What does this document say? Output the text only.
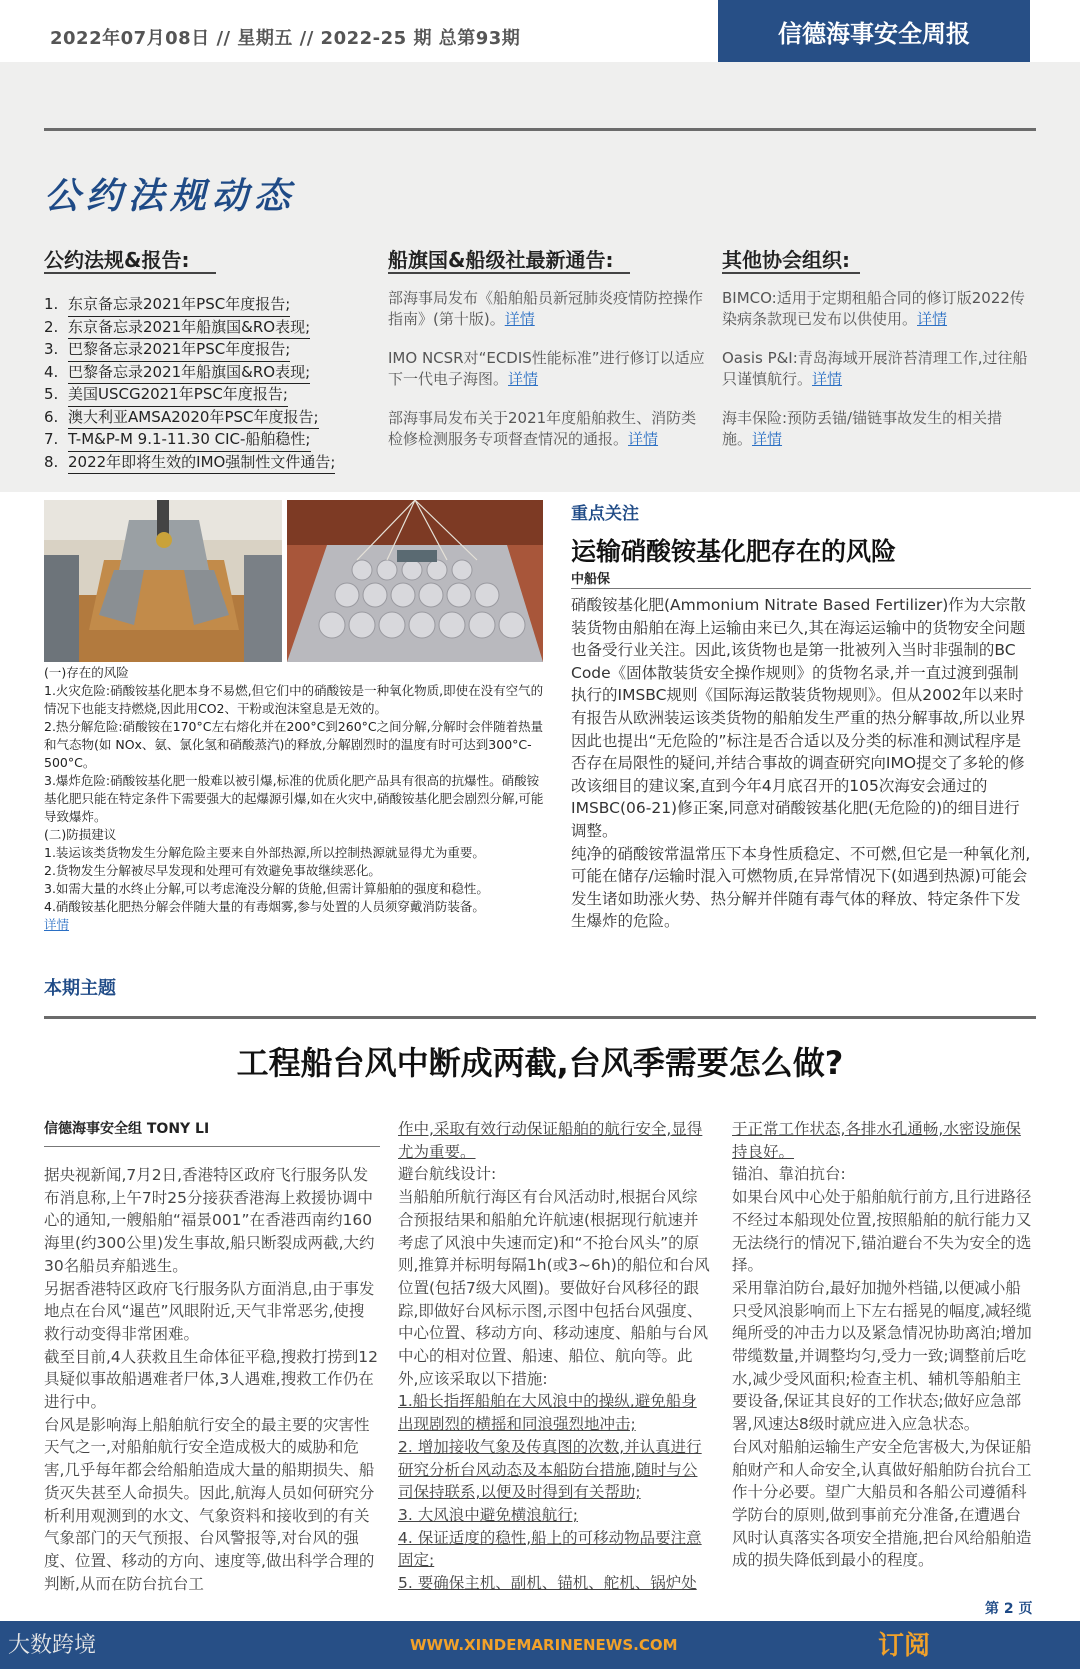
2022年07月08日 // 星期五 // 2022-25 期 总第93期	信德海事安全周报
公约法规动态
公约法规&报告:
1. 东京备忘录2021年PSC年度报告;
2. 东京备忘录2021年船旗国&RO表现;
3. 巴黎备忘录2021年PSC年度报告;
4. 巴黎备忘录2021年船旗国&RO表现;
5. 美国USCG2021年PSC年度报告;
6. 澳大利亚AMSA2020年PSC年度报告;
7. T-M&P-M 9.1-11.30 CIC-船舶稳性;
8. 2022年即将生效的IMO强制性文件通告;
船旗国&船级社最新通告:
部海事局发布《船舶船员新冠肺炎疫情防控操作指南》(第十版)。详情
IMO NCSR对“ECDIS性能标准”进行修订以适应下一代电子海图。详情
部海事局发布关于2021年度船舶救生、消防类检修检测服务专项督查情况的通报。详情
其他协会组织:
BIMCO:适用于定期租船合同的修订版2022传染病条款现已发布以供使用。详情
Oasis P&I:青岛海域开展浒苔清理工作,过往船只谨慎航行。详情
海丰保险:预防丢锚/锚链事故发生的相关措施。详情
(一)存在的风险
1.火灾危险:硝酸铵基化肥本身不易燃,但它们中的硝酸铵是一种氧化物质,即使在没有空气的情况下也能支持燃烧,因此用CO2、干粉或泡沫窒息是无效的。
2.热分解危险:硝酸铵在170°C左右熔化并在200°C到260°C之间分解,分解时会伴随着热量和气态物(如 NOx、氨、氯化氢和硝酸蒸汽)的释放,分解剧烈时的温度有时可达到300°C-500°C。
3.爆炸危险:硝酸铵基化肥一般难以被引爆,标准的优质化肥产品具有很高的抗爆性。硝酸铵基化肥只能在特定条件下需要强大的起爆源引爆,如在火灾中,硝酸铵基化肥会剧烈分解,可能导致爆炸。
(二)防损建议
1.装运该类货物发生分解危险主要来自外部热源,所以控制热源就显得尤为重要。
2.货物发生分解被尽早发现和处理可有效避免事故继续恶化。
3.如需大量的水终止分解,可以考虑淹没分解的货舱,但需计算船舶的强度和稳性。
4.硝酸铵基化肥热分解会伴随大量的有毒烟雾,参与处置的人员须穿戴消防装备。
详情
重点关注
运输硝酸铵基化肥存在的风险
中船保
硝酸铵基化肥(Ammonium Nitrate Based Fertilizer)作为大宗散装货物由船舶在海上运输由来已久,其在海运运输中的货物安全问题也备受行业关注。因此,该货物也是第一批被列入当时非强制的BC Code《固体散装货安全操作规则》的货物名录,并一直过渡到强制执行的IMSBC规则《国际海运散装货物规则》。但从2002年以来时有报告从欧洲装运该类货物的船舶发生严重的热分解事故,所以业界因此也提出“无危险的”标注是否合适以及分类的标准和测试程序是否存在局限性的疑问,并结合事故的调查研究向IMO提交了多轮的修改该细目的建议案,直到今年4月底召开的105次海安会通过的IMSBC(06-21)修正案,同意对硝酸铵基化肥(无危险的)的细目进行调整。
纯净的硝酸铵常温常压下本身性质稳定、不可燃,但它是一种氧化剂,可能在储存/运输时混入可燃物质,在异常情况下(如遇到热源)可能会发生诸如助涨火势、热分解并伴随有毒气体的释放、特定条件下发生爆炸的危险。
本期主题
工程船台风中断成两截,台风季需要怎么做?
信德海事安全组 TONY LI
据央视新闻,7月2日,香港特区政府飞行服务队发布消息称,上午7时25分接获香港海上救援协调中心的通知,一艘船舶“福景001”在香港西南约160海里(约300公里)发生事故,船只断裂成两截,大约30名船员弃船逃生。
另据香港特区政府飞行服务队方面消息,由于事发地点在台风“暹芭”风眼附近,天气非常恶劣,使搜救行动变得非常困难。
截至目前,4人获救且生命体征平稳,搜救打捞到12具疑似事故船遇难者尸体,3人遇难,搜救工作仍在进行中。
台风是影响海上船舶航行安全的最主要的灾害性天气之一,对船舶航行安全造成极大的威胁和危害,几乎每年都会给船舶造成大量的船期损失、船货灭失甚至人命损失。因此,航海人员如何研究分析利用观测到的水文、气象资料和接收到的有关气象部门的天气预报、台风警报等,对台风的强度、位置、移动的方向、速度等,做出科学合理的判断,从而在防台抗台工
作中,采取有效行动保证船舶的航行安全,显得尤为重要。
避台航线设计:
当船舶所航行海区有台风活动时,根据台风综合预报结果和船舶允许航速(根据现行航速并考虑了风浪中失速而定)和“不抢台风头”的原则,推算并标明每隔1h(或3~6h)的船位和台风位置(包括7级大风圈)。要做好台风移径的跟踪,即做好台风标示图,示图中包括台风强度、中心位置、移动方向、移动速度、船舶与台风中心的相对位置、船速、船位、航向等。此外,应该采取以下措施:
1.船长指挥船舶在大风浪中的操纵,避免船身出现剧烈的横摇和同浪强烈地冲击;
2. 增加接收气象及传真图的次数,并认真进行研究分析台风动态及本船防台措施,随时与公司保持联系,以便及时得到有关帮助;
3. 大风浪中避免横浪航行;
4. 保证适度的稳性,船上的可移动物品要注意固定;
5. 要确保主机、副机、锚机、舵机、锅炉处
于正常工作状态,各排水孔通畅,水密设施保持良好。
锚泊、靠泊抗台:
如果台风中心处于船舶航行前方,且行进路径不经过本船现处位置,按照船舶的航行能力又无法绕行的情况下,锚泊避台不失为安全的选择。
采用靠泊防台,最好加抛外档锚,以便减小船只受风浪影响而上下左右摇晃的幅度,减轻缆绳所受的冲击力以及紧急情况协助离泊;增加带缆数量,并调整均匀,受力一致;调整前后吃水,减少受风面积;检查主机、辅机等船舶主要设备,保证其良好的工作状态;做好应急部署,风速达8级时就应进入应急状态。
台风对船舶运输生产安全危害极大,为保证船舶财产和人命安全,认真做好船舶防台抗台工作十分必要。望广大船员和各船公司遵循科学防台的原则,做到事前充分准备,在遭遇台风时认真落实各项安全措施,把台风给船舶造成的损失降低到最小的程度。
第 2 页
大数跨境	WWW.XINDEMARINENEWS.COM	订阅
